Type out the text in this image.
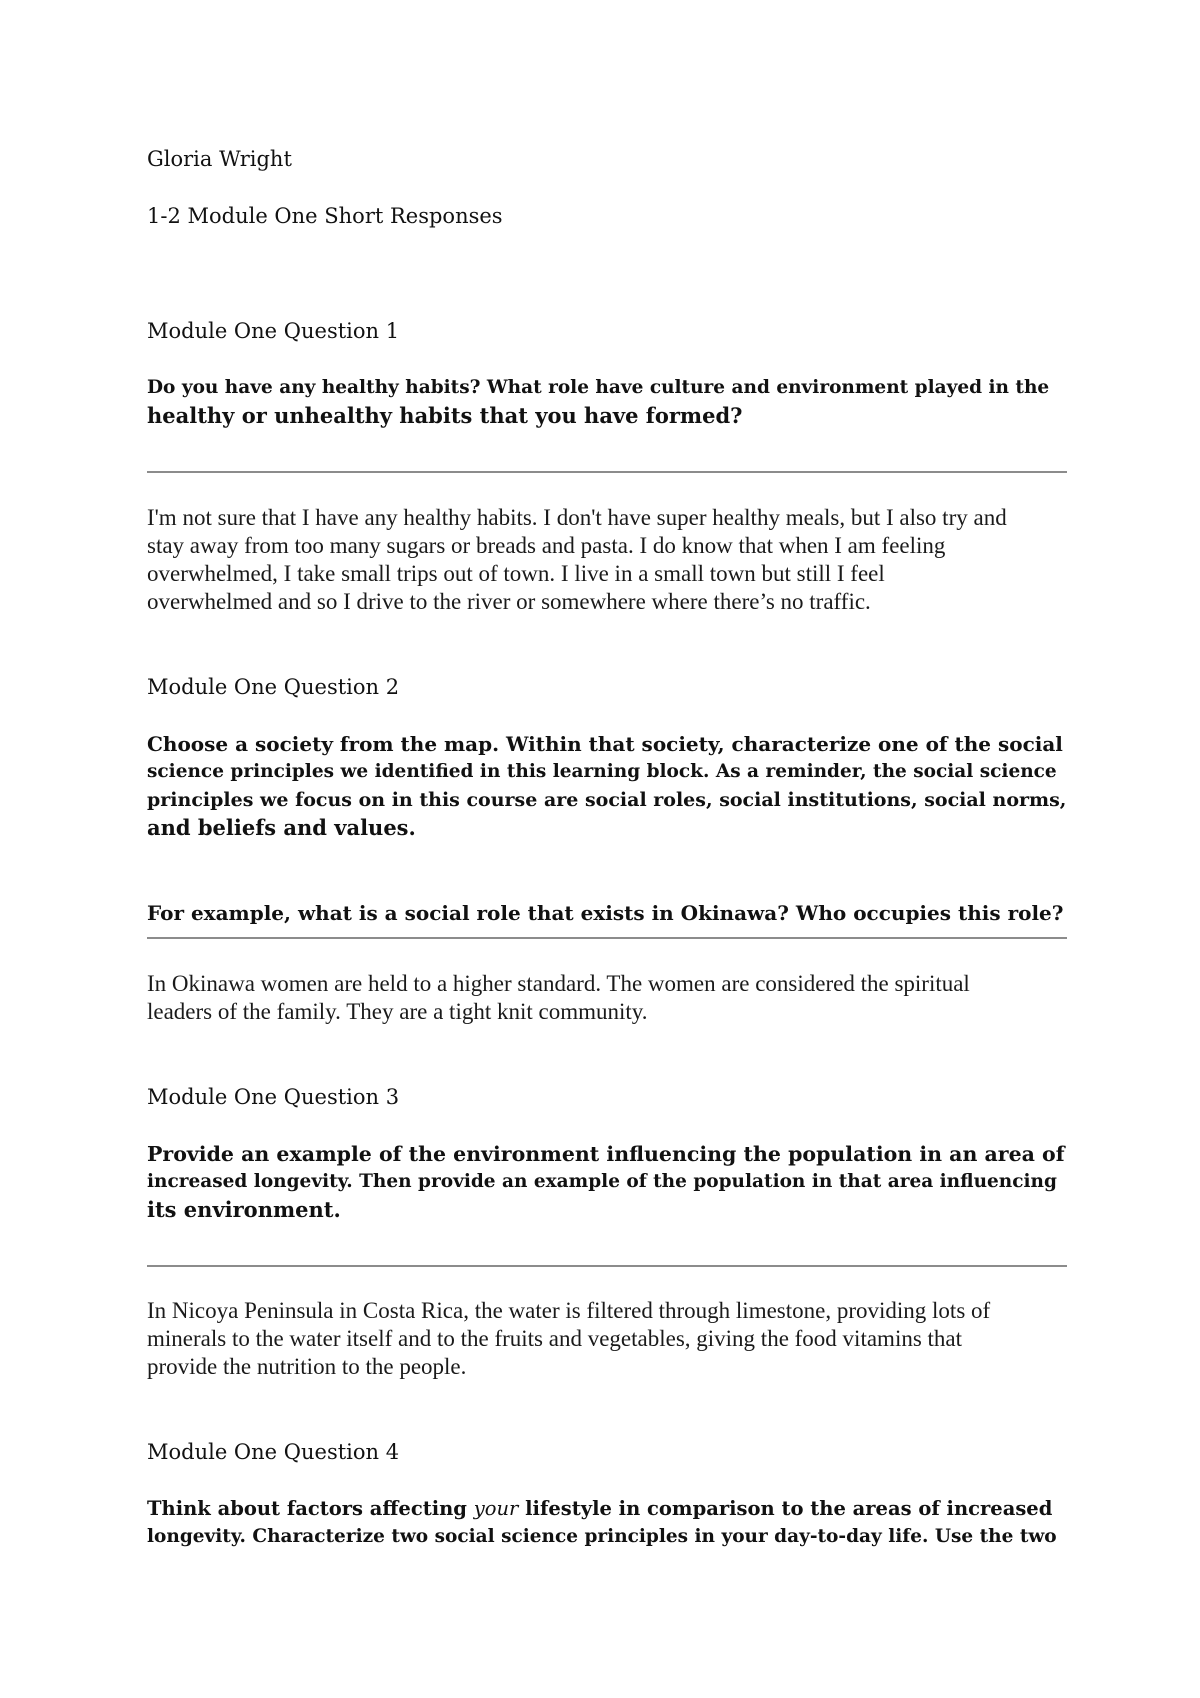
Gloria Wright
1-2 Module One Short Responses
Module One Question 1
Do you have any healthy habits? What role have culture and environment played in the
healthy or unhealthy habits that you have formed?
I'm not sure that I have any healthy habits. I don't have super healthy meals, but I also try and
stay away from too many sugars or breads and pasta. I do know that when I am feeling
overwhelmed, I take small trips out of town. I live in a small town but still I feel
overwhelmed and so I drive to the river or somewhere where there’s no traffic.
Module One Question 2
Choose a society from the map. Within that society, characterize one of the social
science principles we identified in this learning block. As a reminder, the social science
principles we focus on in this course are social roles, social institutions, social norms,
and beliefs and values.
For example, what is a social role that exists in Okinawa? Who occupies this role?
In Okinawa women are held to a higher standard. The women are considered the spiritual
leaders of the family. They are a tight knit community.
Module One Question 3
Provide an example of the environment influencing the population in an area of
increased longevity. Then provide an example of the population in that area influencing
its environment.
In Nicoya Peninsula in Costa Rica, the water is filtered through limestone, providing lots of
minerals to the water itself and to the fruits and vegetables, giving the food vitamins that
provide the nutrition to the people.
Module One Question 4
Think about factors affecting your lifestyle in comparison to the areas of increased
longevity. Characterize two social science principles in your day-to-day life. Use the two
